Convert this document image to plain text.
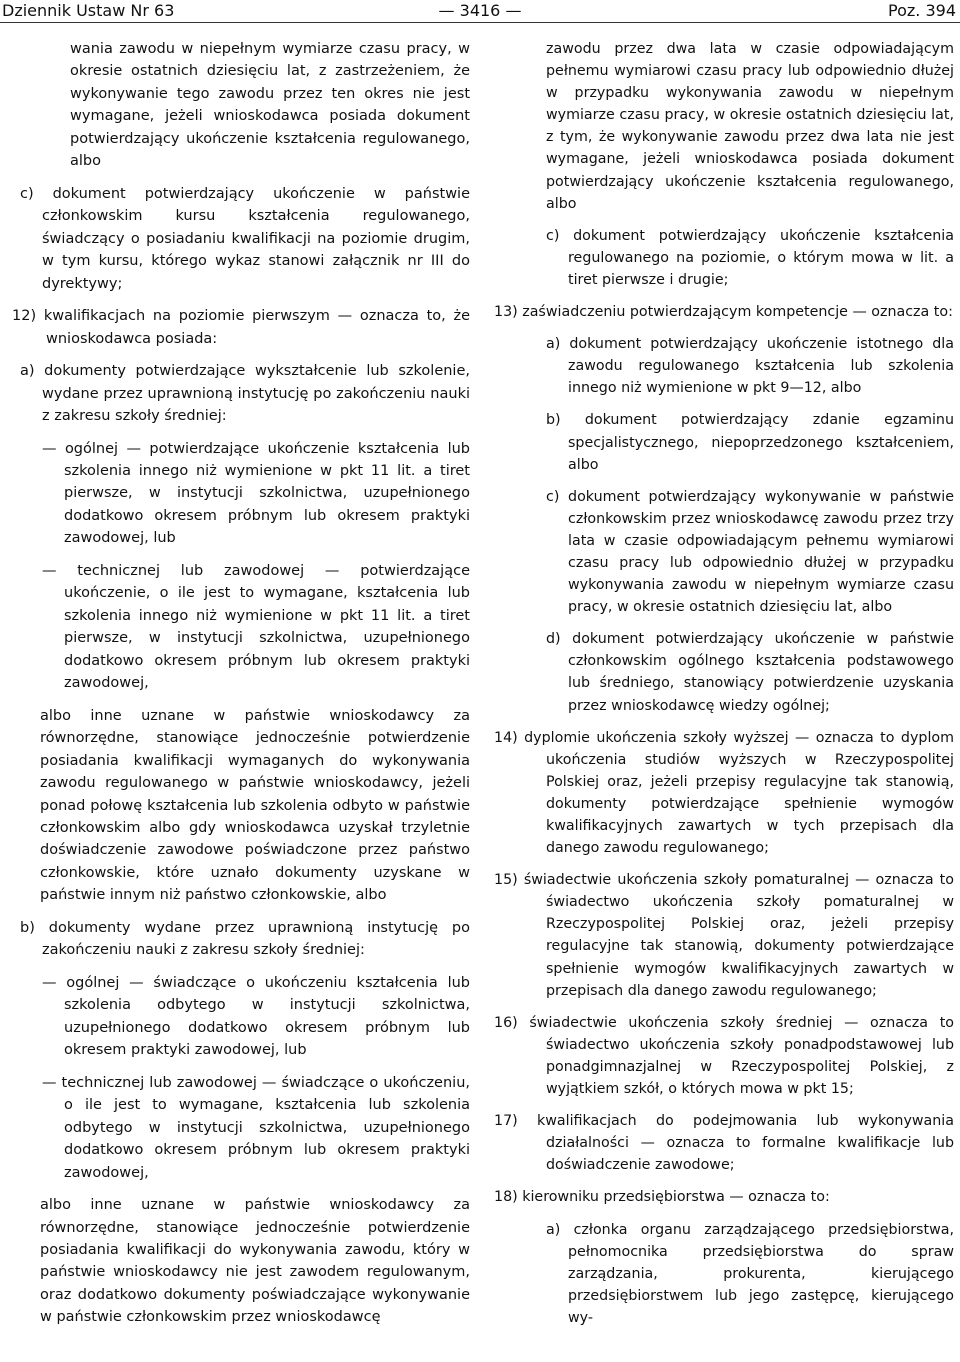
Dziennik Ustaw Nr 63	— 3416 —	Poz. 394

wania zawodu w niepełnym wymiarze czasu pracy, w okresie ostatnich dziesięciu lat, z zastrzeżeniem, że wykonywanie tego zawodu przez ten okres nie jest wymagane, jeżeli wnioskodawca posiada dokument potwierdzający ukończenie kształcenia regulowanego, albo

c) dokument potwierdzający ukończenie w państwie członkowskim kursu kształcenia regulowanego, świadczący o posiadaniu kwalifikacji na poziomie drugim, w tym kursu, którego wykaz stanowi załącznik nr III do dyrektywy;

12) kwalifikacjach na poziomie pierwszym — oznacza to, że wnioskodawca posiada:

a) dokumenty potwierdzające wykształcenie lub szkolenie, wydane przez uprawnioną instytucję po zakończeniu nauki z zakresu szkoły średniej:

— ogólnej — potwierdzające ukończenie kształcenia lub szkolenia innego niż wymienione w pkt 11 lit. a tiret pierwsze, w instytucji szkolnictwa, uzupełnionego dodatkowo okresem próbnym lub okresem praktyki zawodowej, lub

— technicznej lub zawodowej — potwierdzające ukończenie, o ile jest to wymagane, kształcenia lub szkolenia innego niż wymienione w pkt 11 lit. a tiret pierwsze, w instytucji szkolnictwa, uzupełnionego dodatkowo okresem próbnym lub okresem praktyki zawodowej,

albo inne uznane w państwie wnioskodawcy za równorzędne, stanowiące jednocześnie potwierdzenie posiadania kwalifikacji wymaganych do wykonywania zawodu regulowanego w państwie wnioskodawcy, jeżeli ponad połowę kształcenia lub szkolenia odbyto w państwie członkowskim albo gdy wnioskodawca uzyskał trzyletnie doświadczenie zawodowe poświadczone przez państwo członkowskie, które uznało dokumenty uzyskane w państwie innym niż państwo członkowskie, albo

b) dokumenty wydane przez uprawnioną instytucję po zakończeniu nauki z zakresu szkoły średniej:

— ogólnej — świadczące o ukończeniu kształcenia lub szkolenia odbytego w instytucji szkolnictwa, uzupełnionego dodatkowo okresem próbnym lub okresem praktyki zawodowej, lub

— technicznej lub zawodowej — świadczące o ukończeniu, o ile jest to wymagane, kształcenia lub szkolenia odbytego w instytucji szkolnictwa, uzupełnionego dodatkowo okresem próbnym lub okresem praktyki zawodowej,

albo inne uznane w państwie wnioskodawcy za równorzędne, stanowiące jednocześnie potwierdzenie posiadania kwalifikacji do wykonywania zawodu, który w państwie wnioskodawcy nie jest zawodem regulowanym, oraz dodatkowo dokumenty poświadczające wykonywanie w państwie członkowskim przez wnioskodawcę

zawodu przez dwa lata w czasie odpowiadającym pełnemu wymiarowi czasu pracy lub odpowiednio dłużej w przypadku wykonywania zawodu w niepełnym wymiarze czasu pracy, w okresie ostatnich dziesięciu lat, z tym, że wykonywanie zawodu przez dwa lata nie jest wymagane, jeżeli wnioskodawca posiada dokument potwierdzający ukończenie kształcenia regulowanego, albo

c) dokument potwierdzający ukończenie kształcenia regulowanego na poziomie, o którym mowa w lit. a tiret pierwsze i drugie;

13) zaświadczeniu potwierdzającym kompetencje — oznacza to:

a) dokument potwierdzający ukończenie istotnego dla zawodu regulowanego kształcenia lub szkolenia innego niż wymienione w pkt 9—12, albo

b) dokument potwierdzający zdanie egzaminu specjalistycznego, niepoprzedzonego kształceniem, albo

c) dokument potwierdzający wykonywanie w państwie członkowskim przez wnioskodawcę zawodu przez trzy lata w czasie odpowiadającym pełnemu wymiarowi czasu pracy lub odpowiednio dłużej w przypadku wykonywania zawodu w niepełnym wymiarze czasu pracy, w okresie ostatnich dziesięciu lat, albo

d) dokument potwierdzający ukończenie w państwie członkowskim ogólnego kształcenia podstawowego lub średniego, stanowiący potwierdzenie uzyskania przez wnioskodawcę wiedzy ogólnej;

14) dyplomie ukończenia szkoły wyższej — oznacza to dyplom ukończenia studiów wyższych w Rzeczypospolitej Polskiej oraz, jeżeli przepisy regulacyjne tak stanowią, dokumenty potwierdzające spełnienie wymogów kwalifikacyjnych zawartych w tych przepisach dla danego zawodu regulowanego;

15) świadectwie ukończenia szkoły pomaturalnej — oznacza to świadectwo ukończenia szkoły pomaturalnej w Rzeczypospolitej Polskiej oraz, jeżeli przepisy regulacyjne tak stanowią, dokumenty potwierdzające spełnienie wymogów kwalifikacyjnych zawartych w przepisach dla danego zawodu regulowanego;

16) świadectwie ukończenia szkoły średniej — oznacza to świadectwo ukończenia szkoły ponadpodstawowej lub ponadgimnazjalnej w Rzeczypospolitej Polskiej, z wyjątkiem szkół, o których mowa w pkt 15;

17) kwalifikacjach do podejmowania lub wykonywania działalności — oznacza to formalne kwalifikacje lub doświadczenie zawodowe;

18) kierowniku przedsiębiorstwa — oznacza to:

a) członka organu zarządzającego przedsiębiorstwa, pełnomocnika przedsiębiorstwa do spraw zarządzania, prokurenta, kierującego przedsiębiorstwem lub jego zastępcę, kierującego wy-
